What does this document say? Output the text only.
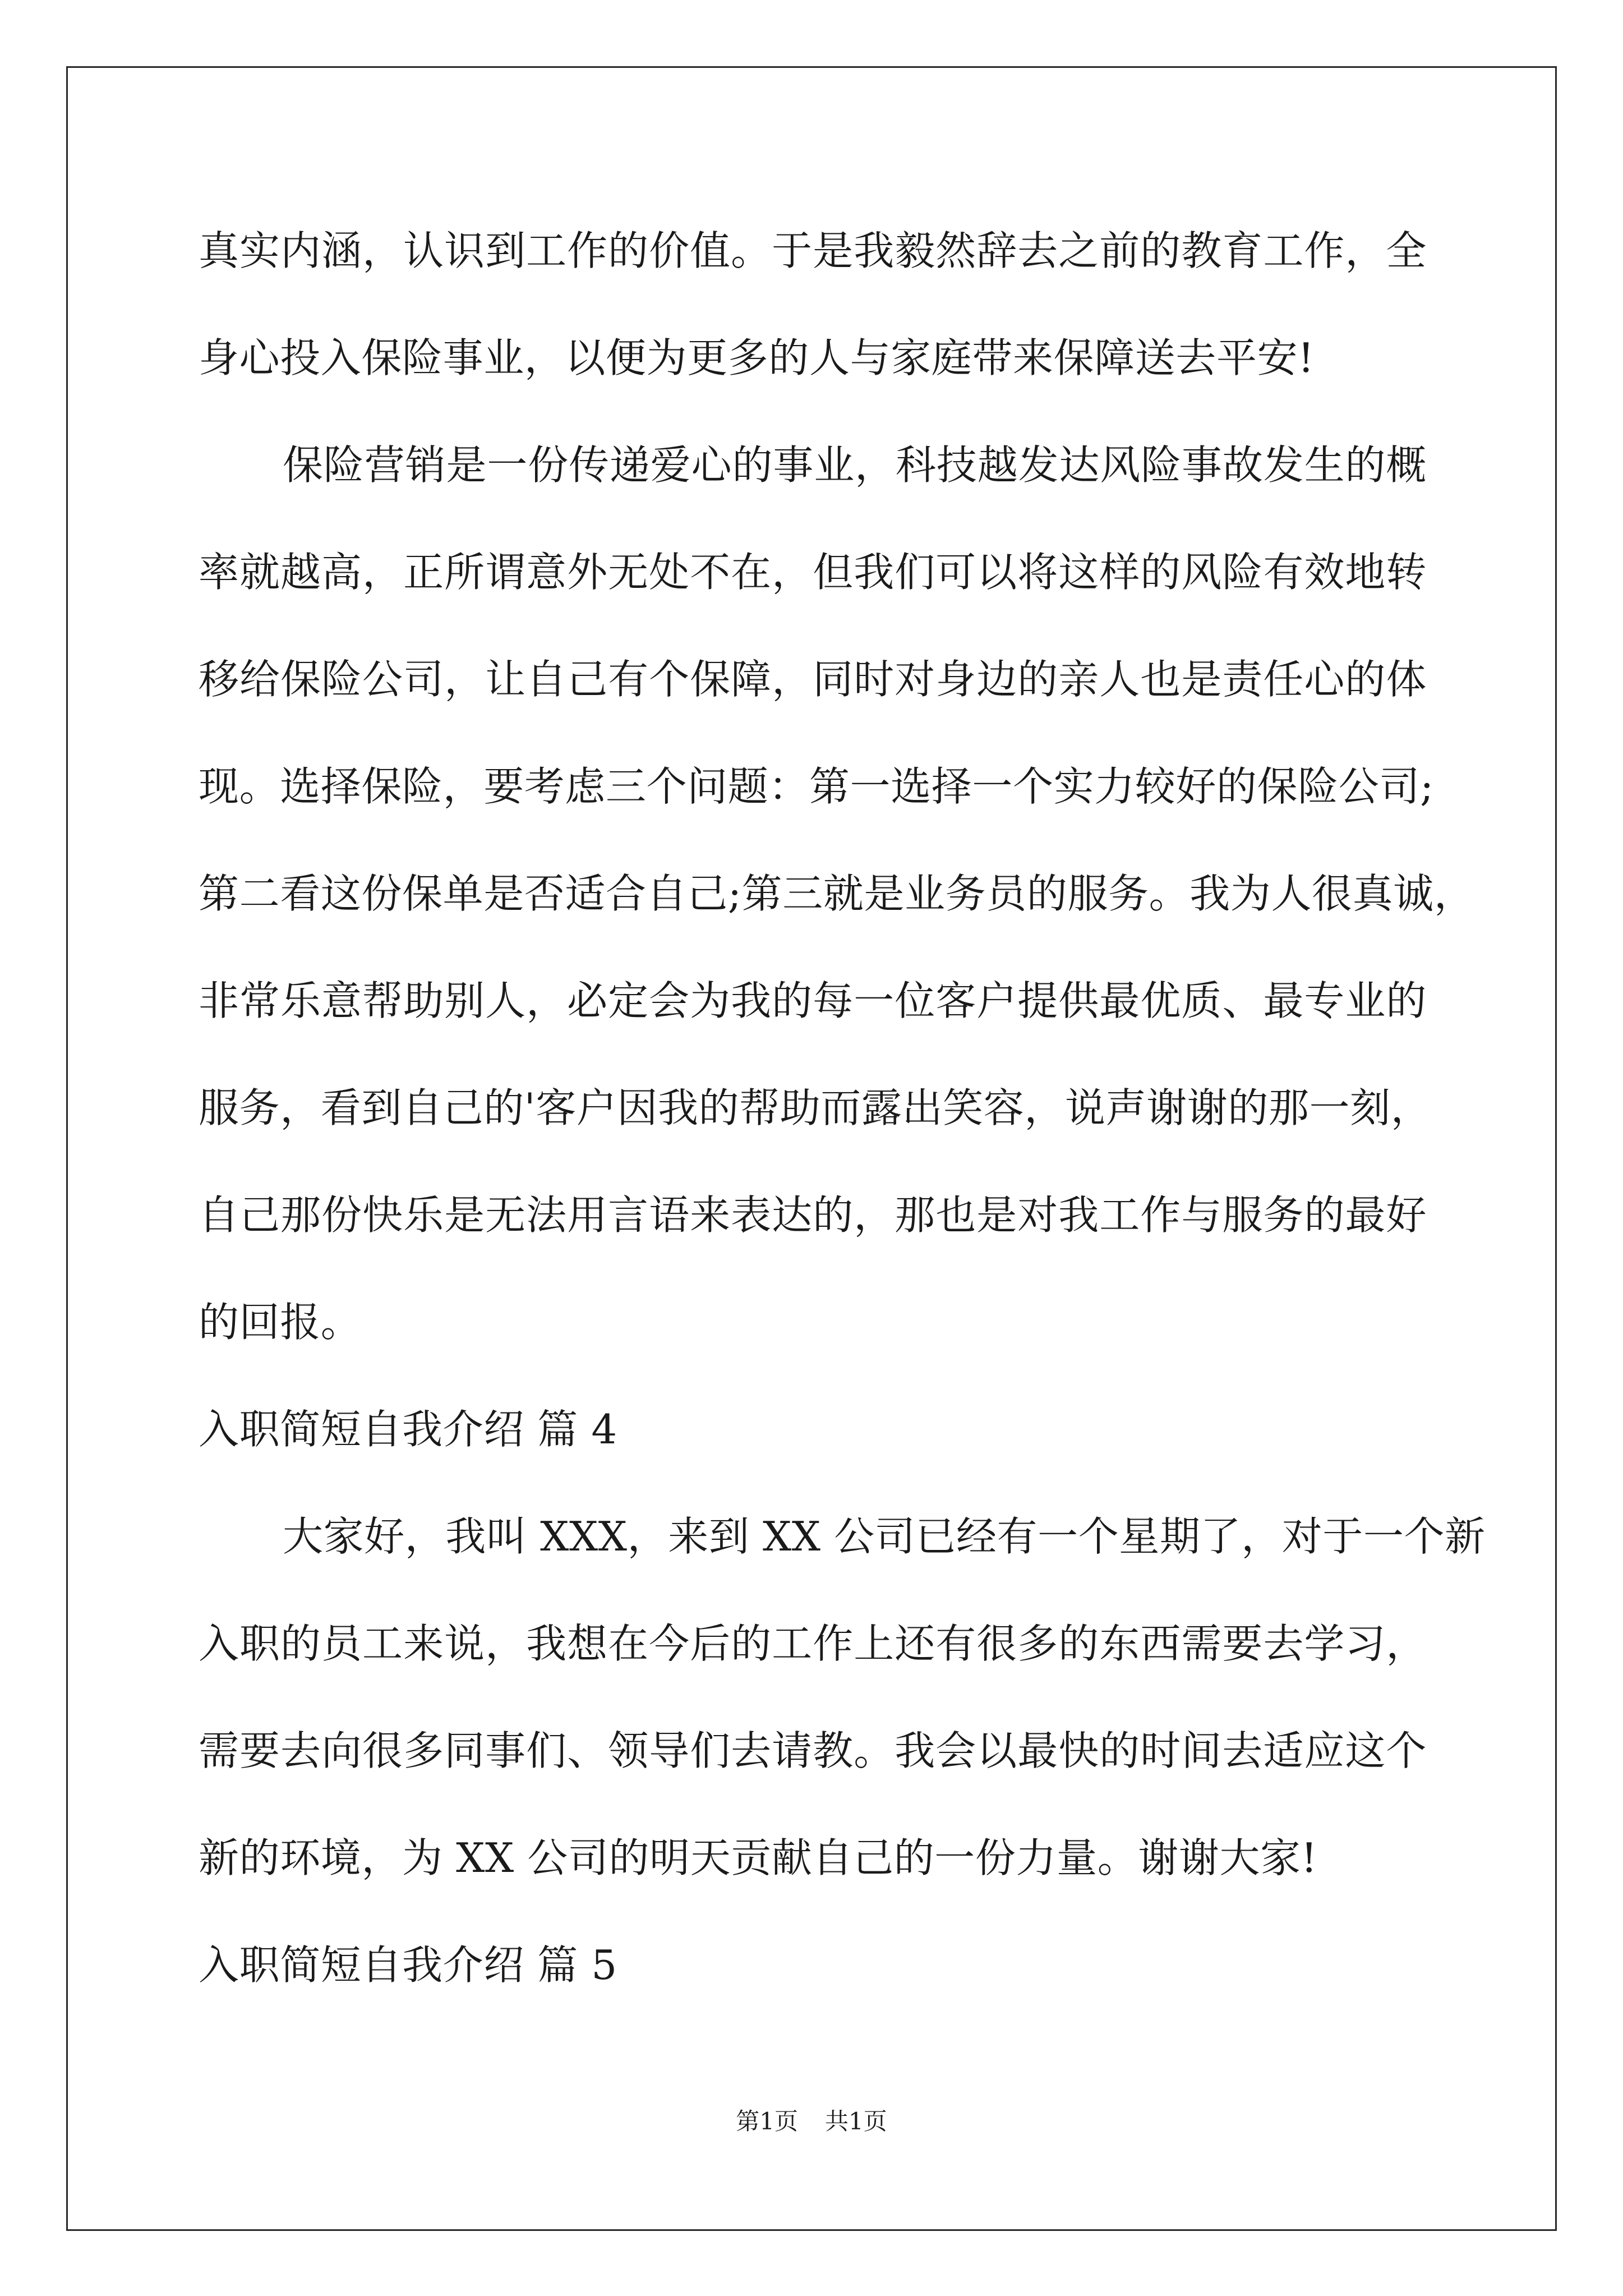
真实内涵，认识到工作的价值。于是我毅然辞去之前的教育工作，全
身心投入保险事业，以便为更多的人与家庭带来保障送去平安!
保险营销是一份传递爱心的事业，科技越发达风险事故发生的概
率就越高，正所谓意外无处不在，但我们可以将这样的风险有效地转
移给保险公司，让自己有个保障，同时对身边的亲人也是责任心的体
现。选择保险，要考虑三个问题：第一选择一个实力较好的保险公司;
第二看这份保单是否适合自己;第三就是业务员的服务。我为人很真诚，
非常乐意帮助别人，必定会为我的每一位客户提供最优质、最专业的
服务，看到自己的'客户因我的帮助而露出笑容，说声谢谢的那一刻，
自己那份快乐是无法用言语来表达的，那也是对我工作与服务的最好
的回报。
入职简短自我介绍 篇 4
大家好，我叫 XXX，来到 XX 公司已经有一个星期了，对于一个新
入职的员工来说，我想在今后的工作上还有很多的东西需要去学习，
需要去向很多同事们、领导们去请教。我会以最快的时间去适应这个
新的环境，为 XX 公司的明天贡献自己的一份力量。谢谢大家!
入职简短自我介绍 篇 5
第1页 共1页
